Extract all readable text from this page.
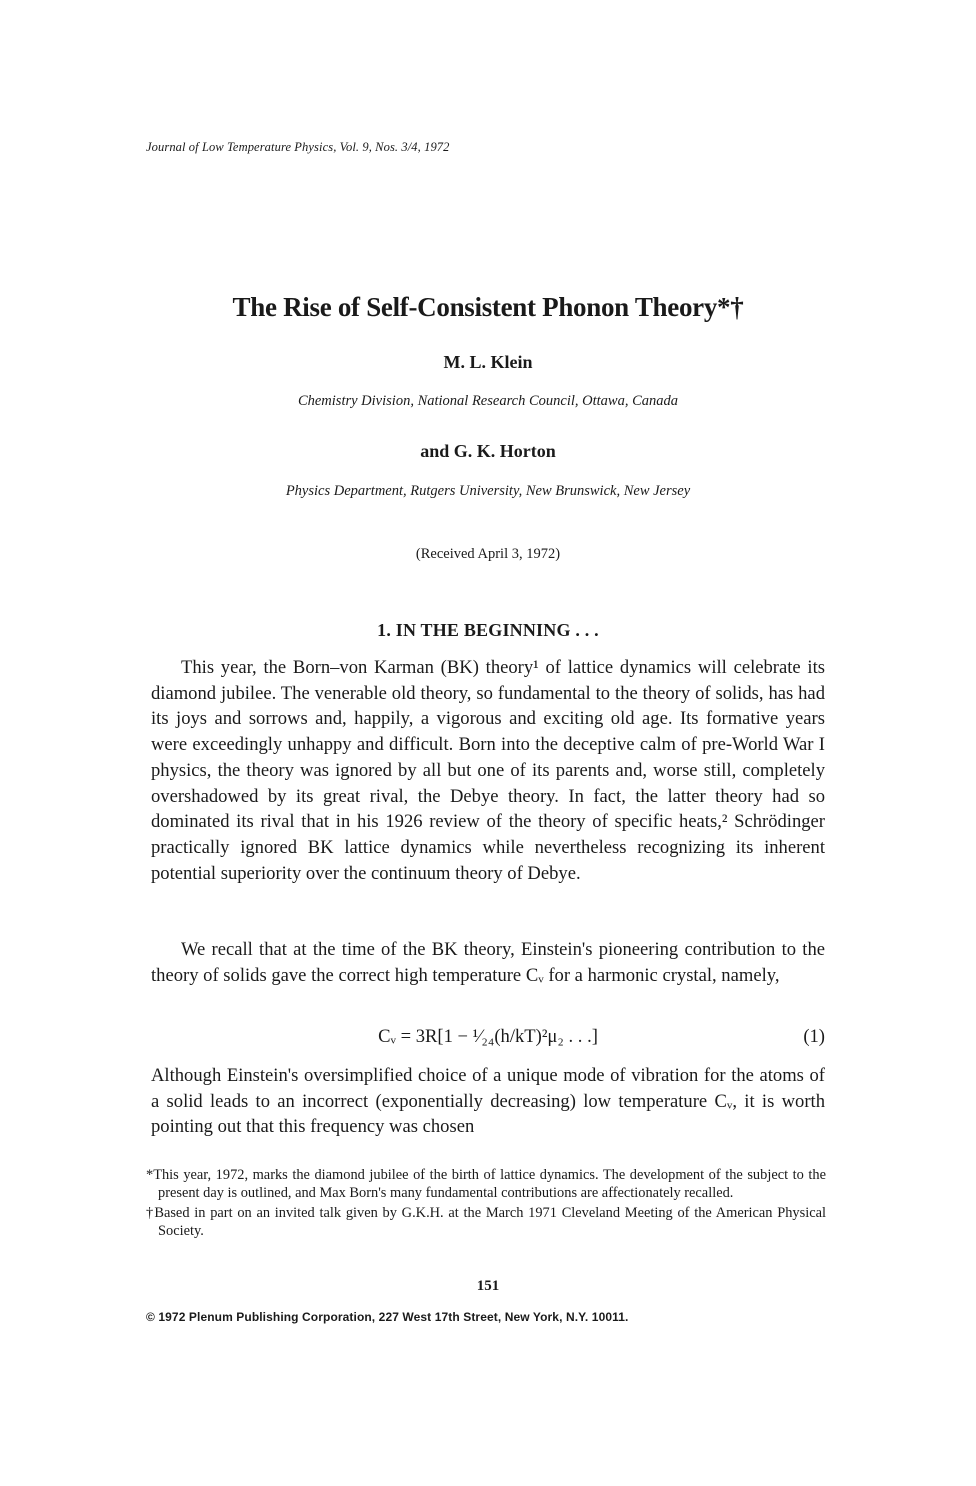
Journal of Low Temperature Physics, Vol. 9, Nos. 3/4, 1972
The Rise of Self-Consistent Phonon Theory*†
M. L. Klein
Chemistry Division, National Research Council, Ottawa, Canada
and G. K. Horton
Physics Department, Rutgers University, New Brunswick, New Jersey
(Received April 3, 1972)
1. IN THE BEGINNING . . .

This year, the Born–von Karman (BK) theory¹ of lattice dynamics will celebrate its diamond jubilee. The venerable old theory, so fundamental to the theory of solids, has had its joys and sorrows and, happily, a vigorous and exciting old age. Its formative years were exceedingly unhappy and difficult. Born into the deceptive calm of pre-World War I physics, the theory was ignored by all but one of its parents and, worse still, completely overshadowed by its great rival, the Debye theory. In fact, the latter theory had so dominated its rival that in his 1926 review of the theory of specific heats,² Schrödinger practically ignored BK lattice dynamics while nevertheless recognizing its inherent potential superiority over the continuum theory of Debye.

We recall that at the time of the BK theory, Einstein's pioneering contribution to the theory of solids gave the correct high temperature Cᵥ for a harmonic crystal, namely,

Cᵥ = 3R[1 − ¹⁄₂₄(h/kT)²μ₂ . . .]	(1)

Although Einstein's oversimplified choice of a unique mode of vibration for the atoms of a solid leads to an incorrect (exponentially decreasing) low temperature Cᵥ, it is worth pointing out that this frequency was chosen

*This year, 1972, marks the diamond jubilee of the birth of lattice dynamics. The development of the subject to the present day is outlined, and Max Born's many fundamental contributions are affectionately recalled.

†Based in part on an invited talk given by G.K.H. at the March 1971 Cleveland Meeting of the American Physical Society.

151
© 1972 Plenum Publishing Corporation, 227 West 17th Street, New York, N.Y. 10011.
